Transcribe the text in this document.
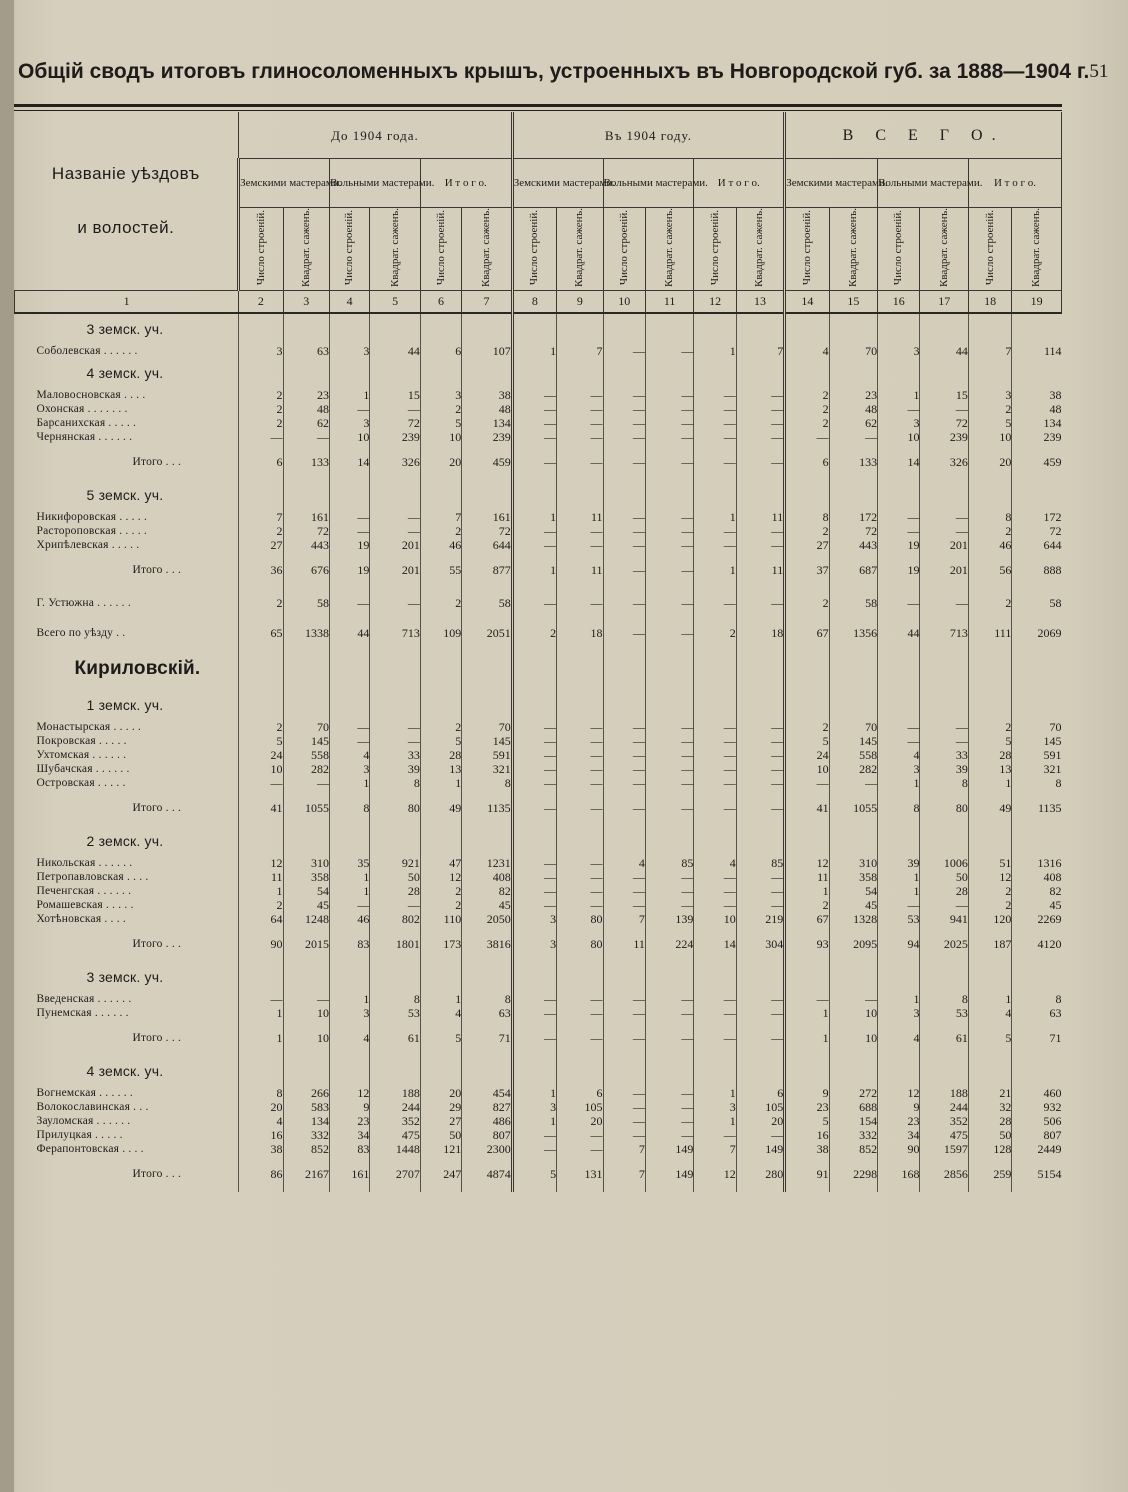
Общій сводъ итоговъ глиносоломенныхъ крышъ, устроенныхъ въ Новгородской губ. за 1888—1904 г. 51
Названіе уѣздовъ
и волостей.	До 1904 года.						Въ 1904 году.						В С Е Г О.					
	Земскими мастерами.		Вольными мастерами.		И т о г о.		Земскими мастерами.		Вольными мастерами.		И т о г о.		Земскими мастерами.		Вольными мастерами.		И т о г о.	
	Число строеній.	Квадрат. саженъ.	Число строеній.	Квадрат. саженъ.	Число строеній.	Квадрат. саженъ.	Число строеній.	Квадрат. саженъ.	Число строеній.	Квадрат. саженъ.	Число строеній.	Квадрат. саженъ.	Число строеній.	Квадрат. саженъ.	Число строеній.	Квадрат. саженъ.	Число строеній.	Квадрат. саженъ.
1	2	3	4	5	6	7	8	9	10	11	12	13	14	15	16	17	18	19
3 земск. уч.																		
Соболевская . . . . . .	3	63	3	44	6	107	1	7	—	—	1	7	4	70	3	44	7	114
4 земск. уч.																		
Маловосновская . . . .	2	23	1	15	3	38	—	—	—	—	—	—	2	23	1	15	3	38
Охонская . . . . . . .	2	48	—	—	2	48	—	—	—	—	—	—	2	48	—	—	2	48
Барсанихская . . . . .	2	62	3	72	5	134	—	—	—	—	—	—	2	62	3	72	5	134
Чернянская . . . . . .	—	—	10	239	10	239	—	—	—	—	—	—	—	—	10	239	10	239
Итого . . .	6	133	14	326	20	459	—	—	—	—	—	—	6	133	14	326	20	459
5 земск. уч.																		
Никифоровская . . . . .	7	161	—	—	7	161	1	11	—	—	1	11	8	172	—	—	8	172
Растороповская . . . . .	2	72	—	—	2	72	—	—	—	—	—	—	2	72	—	—	2	72
Хрипѣлевская . . . . .	27	443	19	201	46	644	—	—	—	—	—	—	27	443	19	201	46	644
Итого . . .	36	676	19	201	55	877	1	11	—	—	1	11	37	687	19	201	56	888
Г. Устюжна . . . . . .	2	58	—	—	2	58	—	—	—	—	—	—	2	58	—	—	2	58
Всего по уѣзду . .	65	1338	44	713	109	2051	2	18	—	—	2	18	67	1356	44	713	111	2069
Кириловскій.																		
1 земск. уч.																		
Монастырская . . . . .	2	70	—	—	2	70	—	—	—	—	—	—	2	70	—	—	2	70
Покровская . . . . .	5	145	—	—	5	145	—	—	—	—	—	—	5	145	—	—	5	145
Ухтомская . . . . . .	24	558	4	33	28	591	—	—	—	—	—	—	24	558	4	33	28	591
Шубачская . . . . . .	10	282	3	39	13	321	—	—	—	—	—	—	10	282	3	39	13	321
Островская . . . . .	—	—	1	8	1	8	—	—	—	—	—	—	—	—	1	8	1	8
Итого . . .	41	1055	8	80	49	1135	—	—	—	—	—	—	41	1055	8	80	49	1135
2 земск. уч.																		
Никольская . . . . . .	12	310	35	921	47	1231	—	—	4	85	4	85	12	310	39	1006	51	1316
Петропавловская . . . .	11	358	1	50	12	408	—	—	—	—	—	—	11	358	1	50	12	408
Печенгская . . . . . .	1	54	1	28	2	82	—	—	—	—	—	—	1	54	1	28	2	82
Ромашевская . . . . .	2	45	—	—	2	45	—	—	—	—	—	—	2	45	—	—	2	45
Хотѣновская . . . .	64	1248	46	802	110	2050	3	80	7	139	10	219	67	1328	53	941	120	2269
Итого . . .	90	2015	83	1801	173	3816	3	80	11	224	14	304	93	2095	94	2025	187	4120
3 земск. уч.																		
Введенская . . . . . .	—	—	1	8	1	8	—	—	—	—	—	—	—	—	1	8	1	8
Пунемская . . . . . .	1	10	3	53	4	63	—	—	—	—	—	—	1	10	3	53	4	63
Итого . . .	1	10	4	61	5	71	—	—	—	—	—	—	1	10	4	61	5	71
4 земск. уч.																		
Вогнемская . . . . . .	8	266	12	188	20	454	1	6	—	—	1	6	9	272	12	188	21	460
Волокославинская . . .	20	583	9	244	29	827	3	105	—	—	3	105	23	688	9	244	32	932
Зауломская . . . . . .	4	134	23	352	27	486	1	20	—	—	1	20	5	154	23	352	28	506
Прилуцкая . . . . .	16	332	34	475	50	807	—	—	—	—	—	—	16	332	34	475	50	807
Ферапонтовская . . . .	38	852	83	1448	121	2300	—	—	7	149	7	149	38	852	90	1597	128	2449
Итого . . .	86	2167	161	2707	247	4874	5	131	7	149	12	280	91	2298	168	2856	259	5154
